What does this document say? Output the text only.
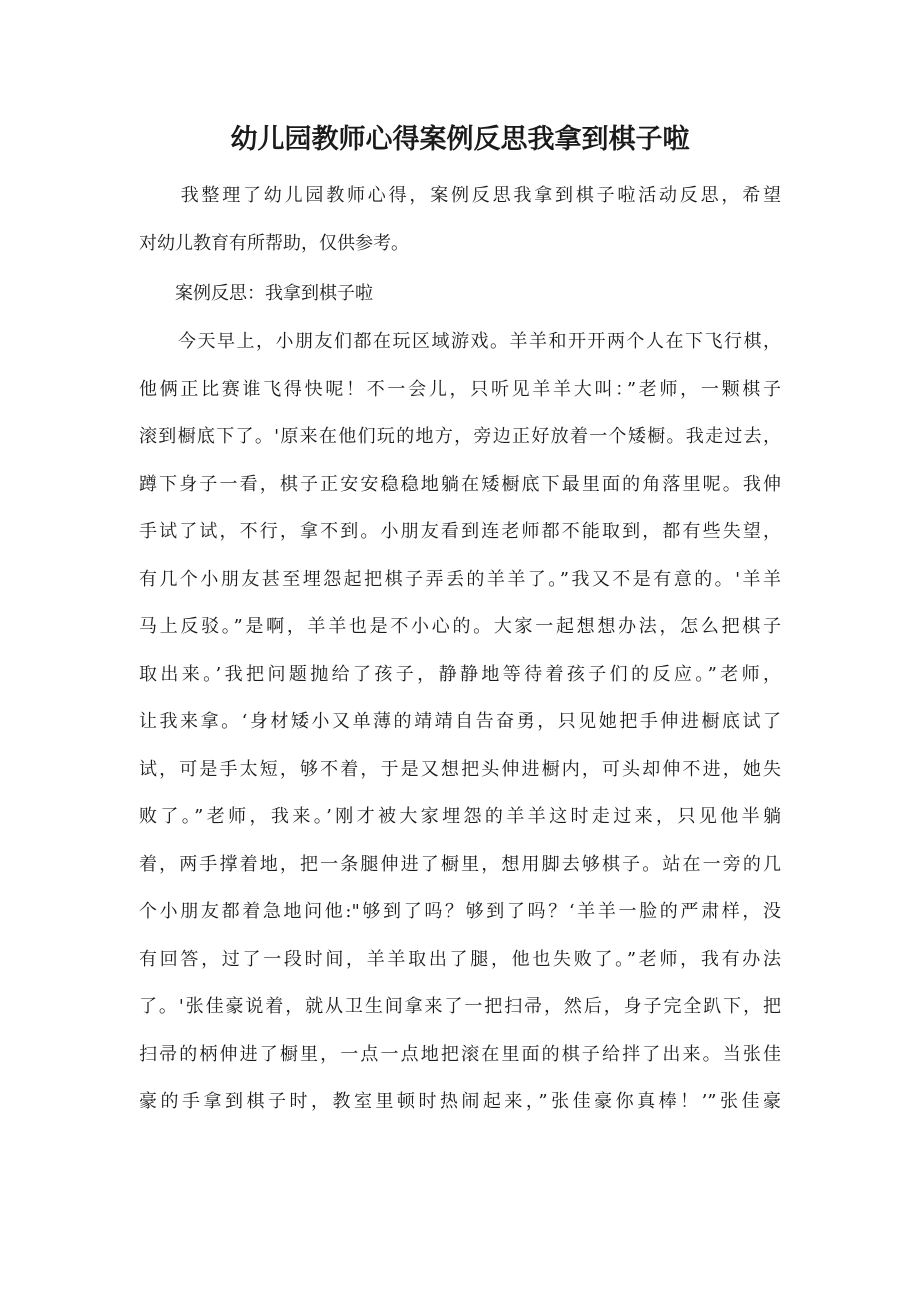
幼儿园教师心得案例反思我拿到棋子啦
　　我整理了幼儿园教师心得，案例反思我拿到棋子啦活动反思，希望
对幼儿教育有所帮助，仅供参考。
　　案例反思：我拿到棋子啦
　　今天早上，小朋友们都在玩区域游戏。羊羊和开开两个人在下飞行棋，
他俩正比赛谁飞得快呢！不一会儿，只听见羊羊大叫：”老师，一颗棋子
滚到橱底下了。'原来在他们玩的地方，旁边正好放着一个矮橱。我走过去，
蹲下身子一看，棋子正安安稳稳地躺在矮橱底下最里面的角落里呢。我伸
手试了试，不行，拿不到。小朋友看到连老师都不能取到，都有些失望，
有几个小朋友甚至埋怨起把棋子弄丢的羊羊了。”我又不是有意的。'羊羊
马上反驳。”是啊，羊羊也是不小心的。大家一起想想办法，怎么把棋子
取出来。’我把问题抛给了孩子，静静地等待着孩子们的反应。”老师，
让我来拿。‘身材矮小又单薄的靖靖自告奋勇，只见她把手伸进橱底试了
试，可是手太短，够不着，于是又想把头伸进橱内，可头却伸不进，她失
败了。”老师，我来。’刚才被大家埋怨的羊羊这时走过来，只见他半躺
着，两手撑着地，把一条腿伸进了橱里，想用脚去够棋子。站在一旁的几
个小朋友都着急地问他:"够到了吗？够到了吗？‘羊羊一脸的严肃样，没
有回答，过了一段时间，羊羊取出了腿，他也失败了。”老师，我有办法
了。'张佳豪说着，就从卫生间拿来了一把扫帚，然后，身子完全趴下，把
扫帚的柄伸进了橱里，一点一点地把滚在里面的棋子给拌了出来。当张佳
豪的手拿到棋子时，教室里顿时热闹起来，”张佳豪你真棒！’”张佳豪
